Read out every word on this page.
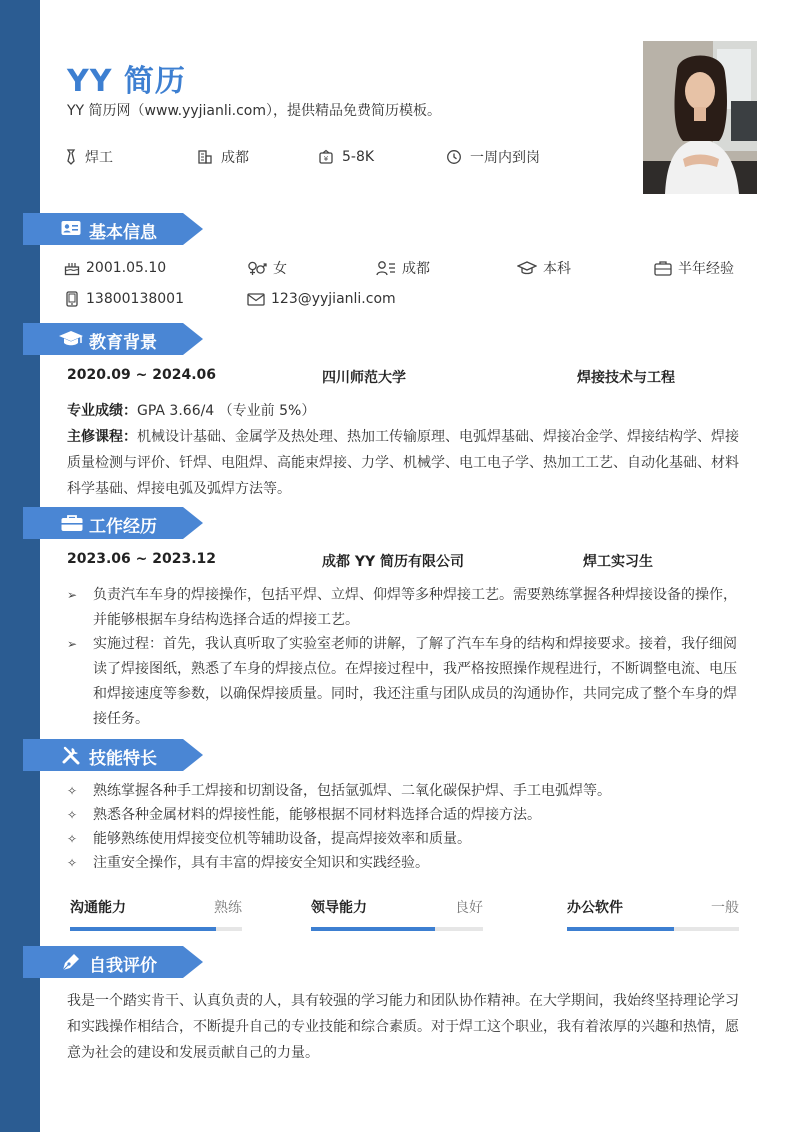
YY 简历
YY 简历网（www.yyjianli.com），提供精品免费简历模板。
焊工	成都	¥ 5-8K	一周内到岗
基本信息
2001.05.10	女	成都	本科	半年经验
13800138001	123@yyjianli.com
教育背景
2020.09 ~ 2024.06	四川师范大学	焊接技术与工程
专业成绩：GPA 3.66/4 （专业前 5%）
主修课程：机械设计基础、金属学及热处理、热加工传输原理、电弧焊基础、焊接冶金学、焊接结构学、焊接质量检测与评价、钎焊、电阻焊、高能束焊接、力学、机械学、电工电子学、热加工工艺、自动化基础、材料科学基础、焊接电弧及弧焊方法等。
工作经历
2023.06 ~ 2023.12	成都 YY 简历有限公司	焊工实习生
➢	负责汽车车身的焊接操作，包括平焊、立焊、仰焊等多种焊接工艺。需要熟练掌握各种焊接设备的操作，并能够根据车身结构选择合适的焊接工艺。
➢	实施过程：首先，我认真听取了实验室老师的讲解，了解了汽车车身的结构和焊接要求。接着，我仔细阅读了焊接图纸，熟悉了车身的焊接点位。在焊接过程中，我严格按照操作规程进行，不断调整电流、电压和焊接速度等参数，以确保焊接质量。同时，我还注重与团队成员的沟通协作，共同完成了整个车身的焊接任务。
技能特长
✧	熟练掌握各种手工焊接和切割设备，包括氩弧焊、二氧化碳保护焊、手工电弧焊等。
✧	熟悉各种金属材料的焊接性能，能够根据不同材料选择合适的焊接方法。
✧	能够熟练使用焊接变位机等辅助设备，提高焊接效率和质量。
✧	注重安全操作，具有丰富的焊接安全知识和实践经验。
沟通能力	熟练	领导能力	良好	办公软件	一般
自我评价
我是一个踏实肯干、认真负责的人，具有较强的学习能力和团队协作精神。在大学期间，我始终坚持理论学习和实践操作相结合，不断提升自己的专业技能和综合素质。对于焊工这个职业，我有着浓厚的兴趣和热情，愿意为社会的建设和发展贡献自己的力量。
